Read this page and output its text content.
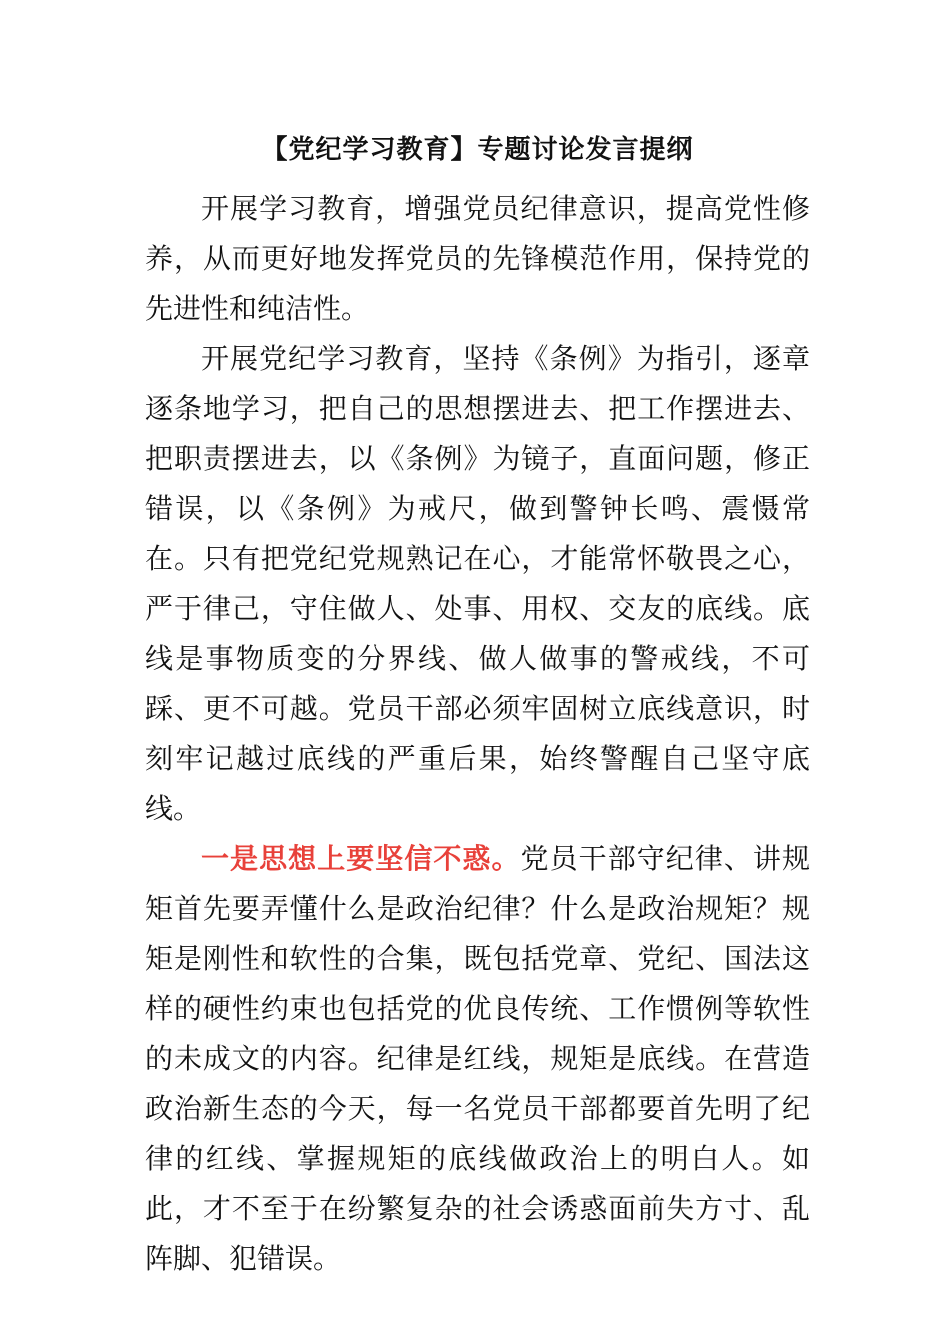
【党纪学习教育】专题讨论发言提纲

开展学习教育，增强党员纪律意识，提高党性修养，从而更好地发挥党员的先锋模范作用，保持党的先进性和纯洁性。

开展党纪学习教育，坚持《条例》为指引，逐章逐条地学习，把自己的思想摆进去、把工作摆进去、把职责摆进去，以《条例》为镜子，直面问题，修正错误，以《条例》为戒尺，做到警钟长鸣、震慑常在。只有把党纪党规熟记在心，才能常怀敬畏之心，严于律己，守住做人、处事、用权、交友的底线。底线是事物质变的分界线、做人做事的警戒线，不可踩、更不可越。党员干部必须牢固树立底线意识，时刻牢记越过底线的严重后果，始终警醒自己坚守底线。

一是思想上要坚信不惑。党员干部守纪律、讲规矩首先要弄懂什么是政治纪律？什么是政治规矩？规矩是刚性和软性的合集，既包括党章、党纪、国法这样的硬性约束也包括党的优良传统、工作惯例等软性的未成文的内容。纪律是红线，规矩是底线。在营造政治新生态的今天，每一名党员干部都要首先明了纪律的红线、掌握规矩的底线做政治上的明白人。如此，才不至于在纷繁复杂的社会诱惑面前失方寸、乱阵脚、犯错误。
